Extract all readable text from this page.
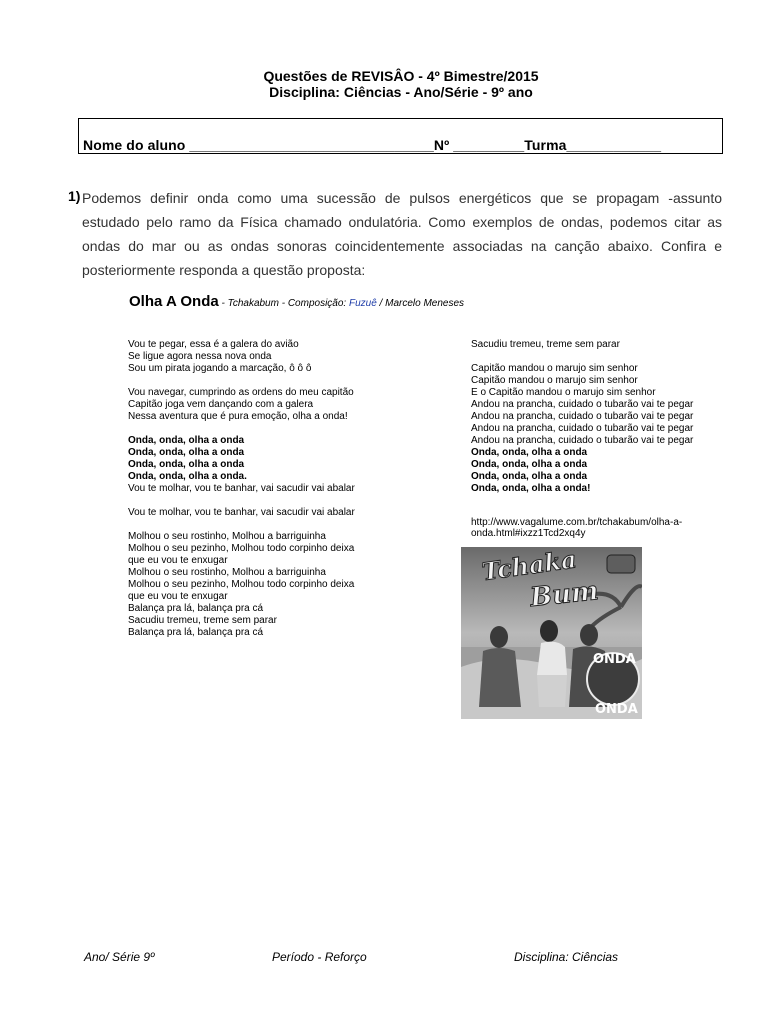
Questões de REVISÂO - 4º Bimestre/2015
Disciplina: Ciências - Ano/Série - 9º ano
Nome do aluno _______________________________Nº _________Turma____________
1) Podemos definir onda como uma sucessão de pulsos energéticos que se propagam -assunto estudado pelo ramo da Física chamado ondulatória. Como exemplos de ondas, podemos citar as ondas do mar ou as ondas sonoras coincidentemente associadas na canção abaixo. Confira e posteriormente responda a questão proposta:
Olha A Onda - Tchakabum - Composição: Fuzuê / Marcelo Meneses
Vou te pegar, essa é a galera do avião
Se ligue agora nessa nova onda
Sou um pirata jogando a marcação, ô ô ô
Vou navegar, cumprindo as ordens do meu capitão
Capitão joga vem dançando com a galera
Nessa aventura que é pura emoção, olha a onda!
Onda, onda, olha a onda
Onda, onda, olha a onda
Onda, onda, olha a onda
Onda, onda, olha a onda.
Vou te molhar, vou te banhar, vai sacudir vai abalar
Vou te molhar, vou te banhar, vai sacudir vai abalar
Molhou o seu rostinho, Molhou a barriguinha
Molhou o seu pezinho, Molhou todo corpinho deixa
que eu vou te enxugar
Molhou o seu rostinho, Molhou a barriguinha
Molhou o seu pezinho, Molhou todo corpinho deixa
que eu vou te enxugar
Balança pra lá, balança pra cá
Sacudiu tremeu, treme sem parar
Balança pra lá, balança pra cá
Sacudiu tremeu, treme sem parar
Capitão mandou o marujo sim senhor
Capitão mandou o marujo sim senhor
E o Capitão mandou o marujo sim senhor
Andou na prancha, cuidado o tubarão vai te pegar
Andou na prancha, cuidado o tubarão vai te pegar
Andou na prancha, cuidado o tubarão vai te pegar
Andou na prancha, cuidado o tubarão vai te pegar
Onda, onda, olha a onda
Onda, onda, olha a onda
Onda, onda, olha a onda
Onda, onda, olha a onda!
http://www.vagalume.com.br/tchakabum/olha-a-onda.html#ixzz1Tcd2xq4y
Tchaka
Bum
ONDA
ONDA
Ano/ Série 9º	Período - Reforço	Disciplina: Ciências
